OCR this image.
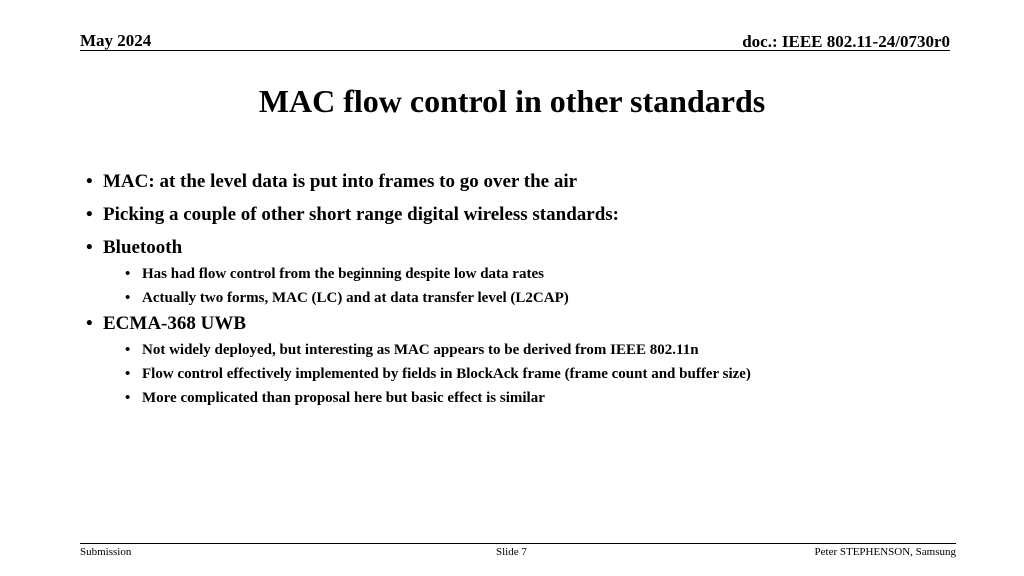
May 2024	doc.: IEEE 802.11-24/0730r0
MAC flow control in other standards
• MAC: at the level data is put into frames to go over the air
• Picking a couple of other short range digital wireless standards:
• Bluetooth
• Has had flow control from the beginning despite low data rates
• Actually two forms, MAC (LC) and at data transfer level (L2CAP)
• ECMA-368 UWB
• Not widely deployed, but interesting as MAC appears to be derived from IEEE 802.11n
• Flow control effectively implemented by fields in BlockAck frame (frame count and buffer size)
• More complicated than proposal here but basic effect is similar
Submission	Slide 7	Peter STEPHENSON, Samsung
